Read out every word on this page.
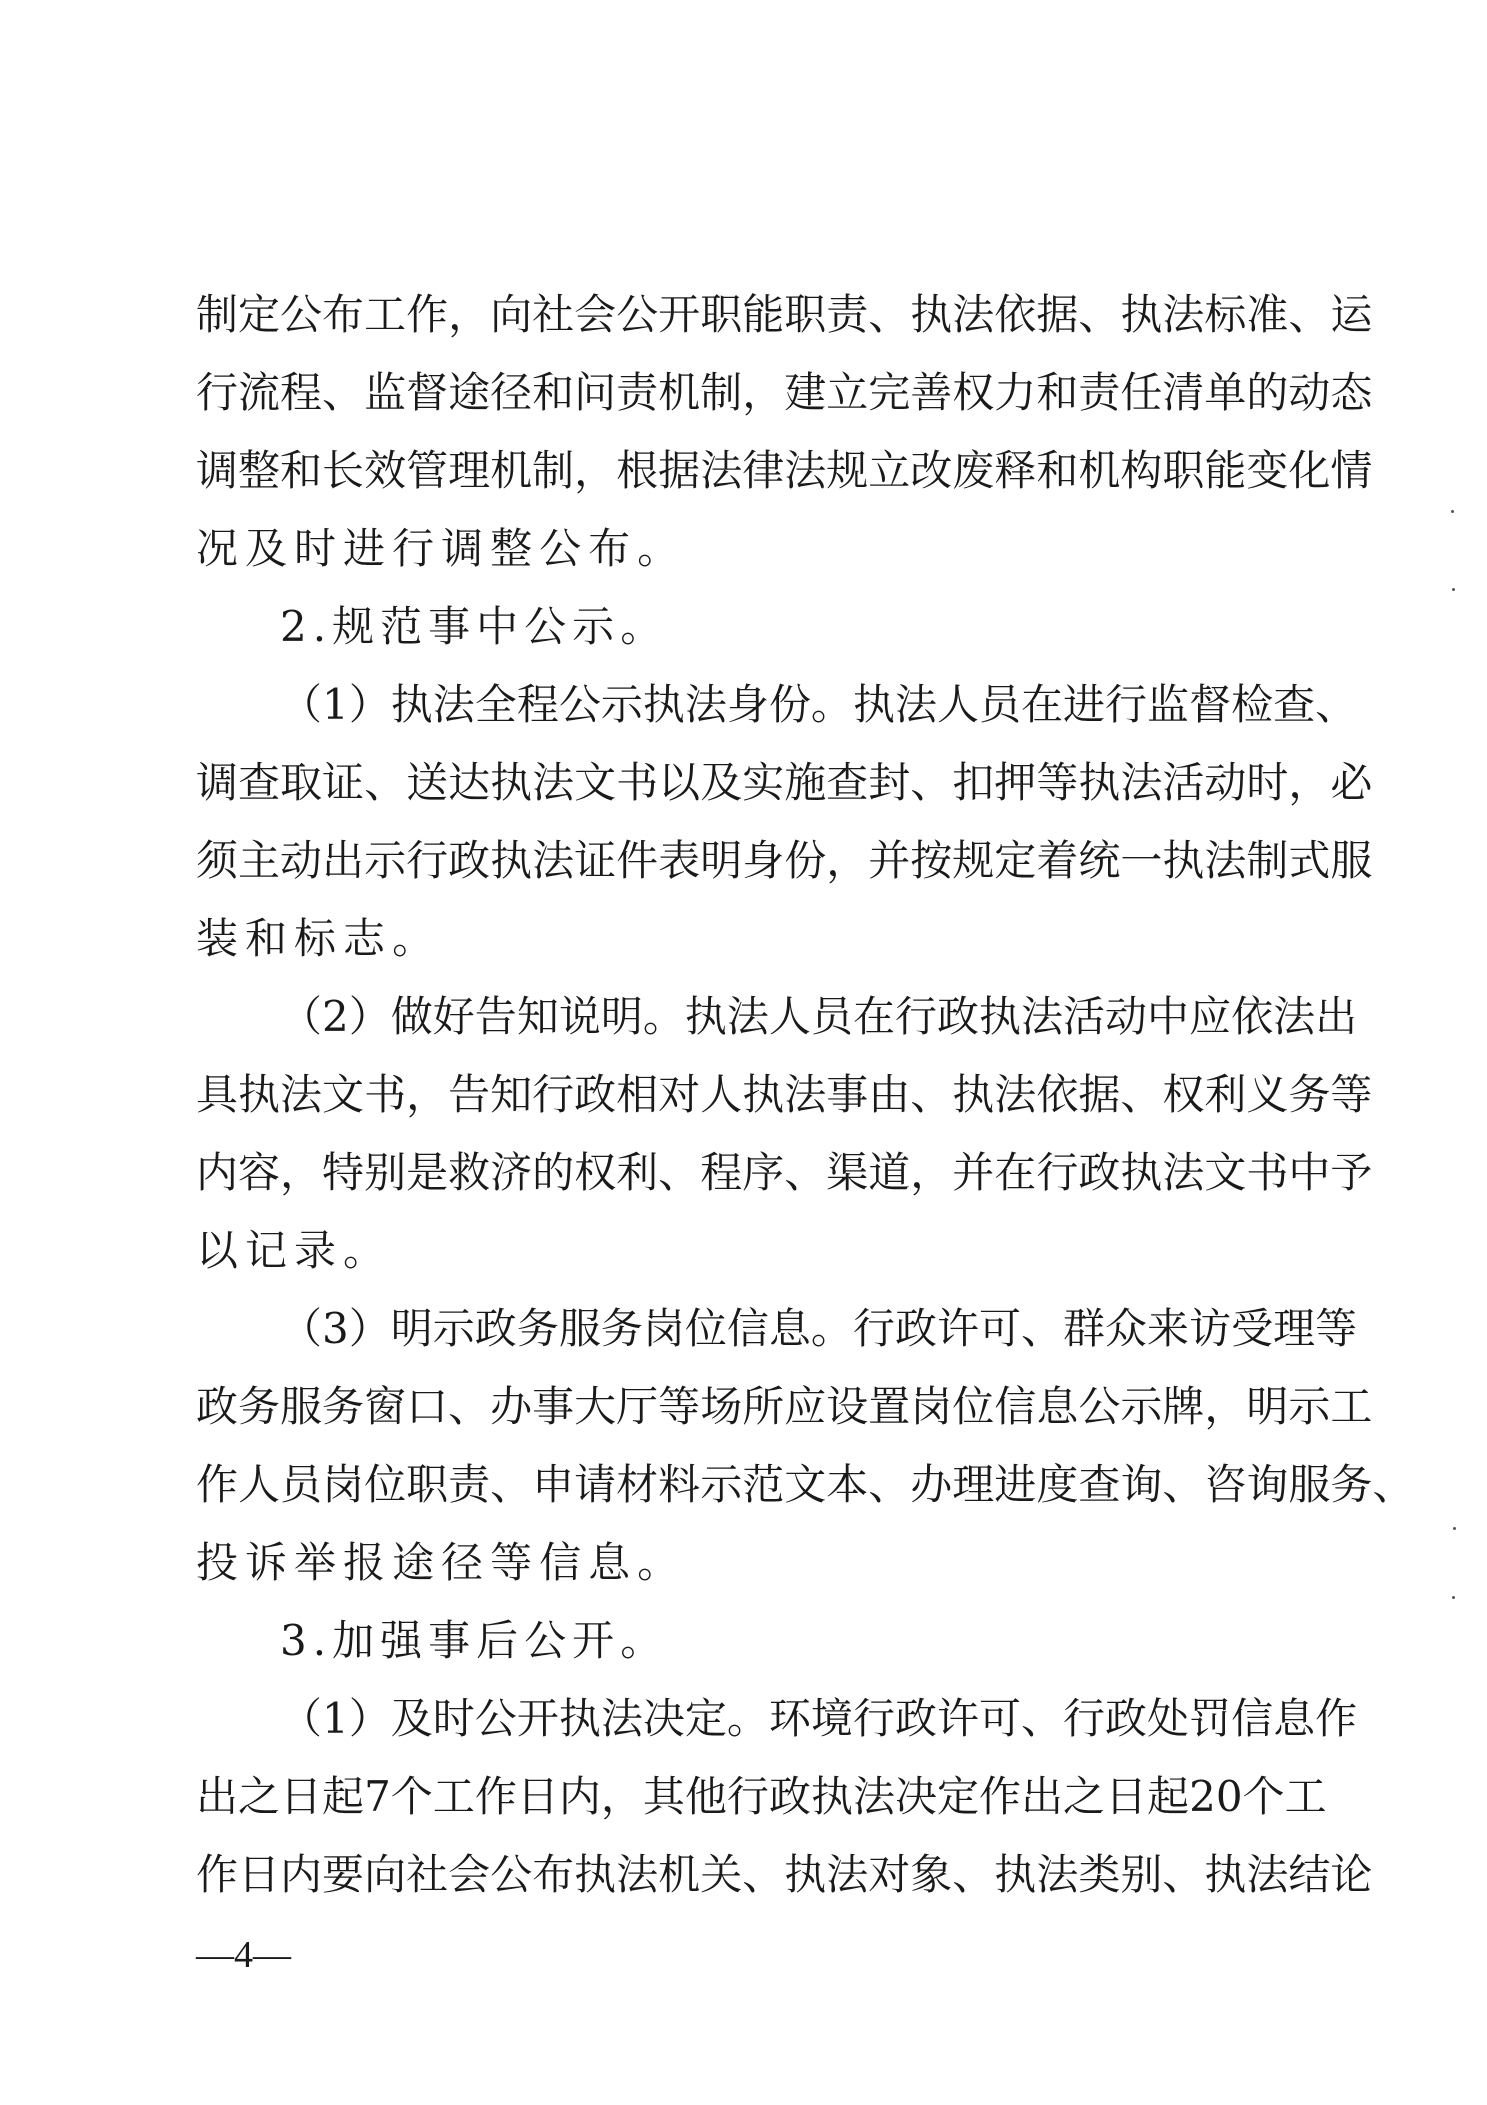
制 定 公 布 工 作 ， 向 社 会 公 开 职 能 职 责 、 执 法 依 据 、 执 法 标 准 、 运
行 流 程 、 监 督 途 径 和 问 责 机 制 ， 建 立 完 善 权 力 和 责 任 清 单 的 动 态
调 整 和 长 效 管 理 机 制 ， 根 据 法 律 法 规 立 改 废 释 和 机 构 职 能 变 化 情
况 及 时 进 行 调 整 公 布 。
2 . 规 范 事 中 公 示 。
（ 1 ） 执 法 全 程 公 示 执 法 身 份 。 执 法 人 员 在 进 行 监 督 检 查 、
调 查 取 证 、 送 达 执 法 文 书 以 及 实 施 查 封 、 扣 押 等 执 法 活 动 时 ， 必
须 主 动 出 示 行 政 执 法 证 件 表 明 身 份 ， 并 按 规 定 着 统 一 执 法 制 式 服
装 和 标 志 。
（ 2 ） 做 好 告 知 说 明 。 执 法 人 员 在 行 政 执 法 活 动 中 应 依 法 出
具 执 法 文 书 ， 告 知 行 政 相 对 人 执 法 事 由 、 执 法 依 据 、 权 利 义 务 等
内 容 ， 特 别 是 救 济 的 权 利 、 程 序 、 渠 道 ， 并 在 行 政 执 法 文 书 中 予
以 记 录 。
（ 3 ） 明 示 政 务 服 务 岗 位 信 息 。 行 政 许 可 、 群 众 来 访 受 理 等
政 务 服 务 窗 口 、 办 事 大 厅 等 场 所 应 设 置 岗 位 信 息 公 示 牌 ， 明 示 工
作 人 员 岗 位 职 责 、 申 请 材 料 示 范 文 本 、 办 理 进 度 查 询 、 咨 询 服 务 、
投 诉 举 报 途 径 等 信 息 。
3 . 加 强 事 后 公 开 。
（ 1 ） 及 时 公 开 执 法 决 定 。 环 境 行 政 许 可 、 行 政 处 罚 信 息 作
出 之 日 起 7 个 工 作 日 内 ， 其 他 行 政 执 法 决 定 作 出 之 日 起 20 个 工
作 日 内 要 向 社 会 公 布 执 法 机 关 、 执 法 对 象 、 执 法 类 别 、 执 法 结 论
—4—
